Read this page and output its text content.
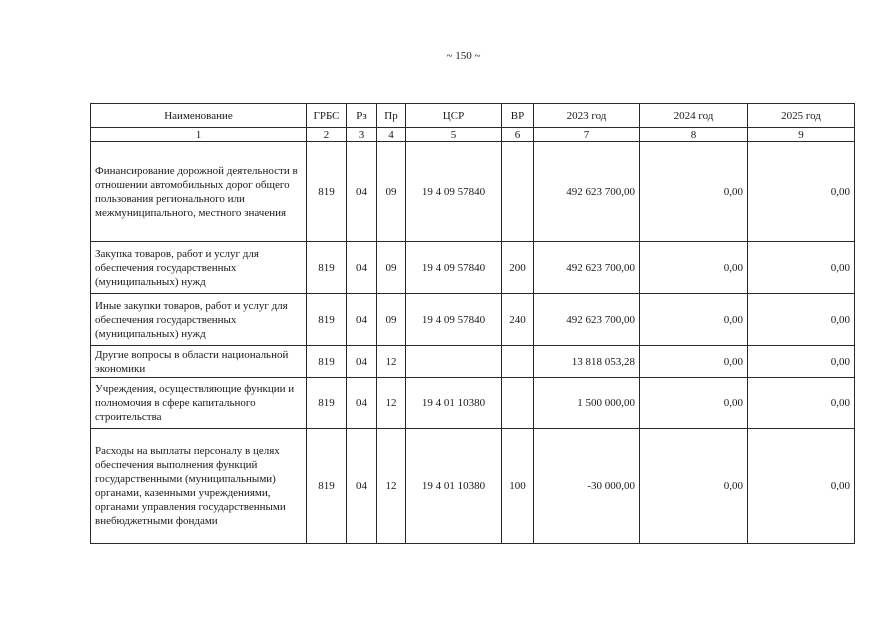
~ 150 ~
Наименование	ГРБС	Рз	Пр	ЦСР	ВР	2023 год	2024 год	2025 год
1	2	3	4	5	6	7	8	9
Финансирование дорожной деятельности в отношении автомобильных дорог общего пользования регионального или межмуниципального, местного значения	819	04	09	19 4 09 57840		492 623 700,00	0,00	0,00
Закупка товаров, работ и услуг для обеспечения государственных (муниципальных) нужд	819	04	09	19 4 09 57840	200	492 623 700,00	0,00	0,00
Иные закупки товаров, работ и услуг для обеспечения государственных (муниципальных) нужд	819	04	09	19 4 09 57840	240	492 623 700,00	0,00	0,00
Другие вопросы в области национальной экономики	819	04	12			13 818 053,28	0,00	0,00
Учреждения, осуществляющие функции и полномочия в сфере капитального строительства	819	04	12	19 4 01 10380		1 500 000,00	0,00	0,00
Расходы на выплаты персоналу в целях обеспечения выполнения функций государственными (муниципальными) органами, казенными учреждениями, органами управления государственными внебюджетными фондами	819	04	12	19 4 01 10380	100	-30 000,00	0,00	0,00
